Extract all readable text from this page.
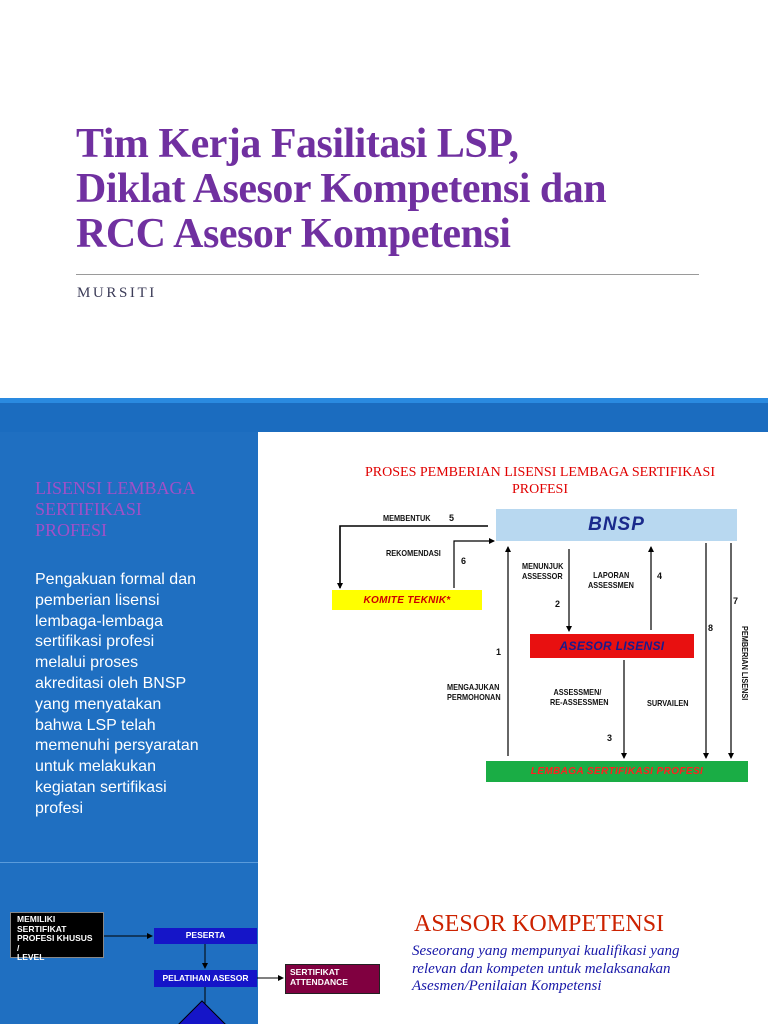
Tim Kerja Fasilitasi LSP,
Diklat Asesor Kompetensi dan
RCC Asesor Kompetensi
MURSITI
LISENSI LEMBAGA
SERTIFIKASI
PROFESI
Pengakuan formal dan
pemberian lisensi
lembaga-lembaga
sertifikasi profesi
melalui proses
akreditasi oleh BNSP
yang menyatakan
bahwa LSP telah
memenuhi persyaratan
untuk melakukan
kegiatan sertifikasi
profesi
PROSES PEMBERIAN LISENSI LEMBAGA SERTIFIKASI
PROFESI
BNSP
KOMITE TEKNIK*
ASESOR LISENSI
LEMBAGA SERTIFIKASI PROFESI
MEMBENTUK 5
REKOMENDASI
6	MENUNJUK
ASSESSOR	LAPORAN
ASSESSMEN
4
2	7
8
1	PEMBERIAN LISENSI
MENGAJUKAN
PERMOHONAN	ASSESSMEN/
RE-ASSESSMEN	SURVAILEN
3
MEMILIKI
SERTIFIKAT
PROFESI KHUSUS /
LEVEL
PESERTA
PELATIHAN ASESOR
SERTIFIKAT
ATTENDANCE
ASESOR KOMPETENSI
Seseorang yang mempunyai kualifikasi yang
relevan dan kompeten untuk melaksanakan
Asesmen/Penilaian Kompetensi
